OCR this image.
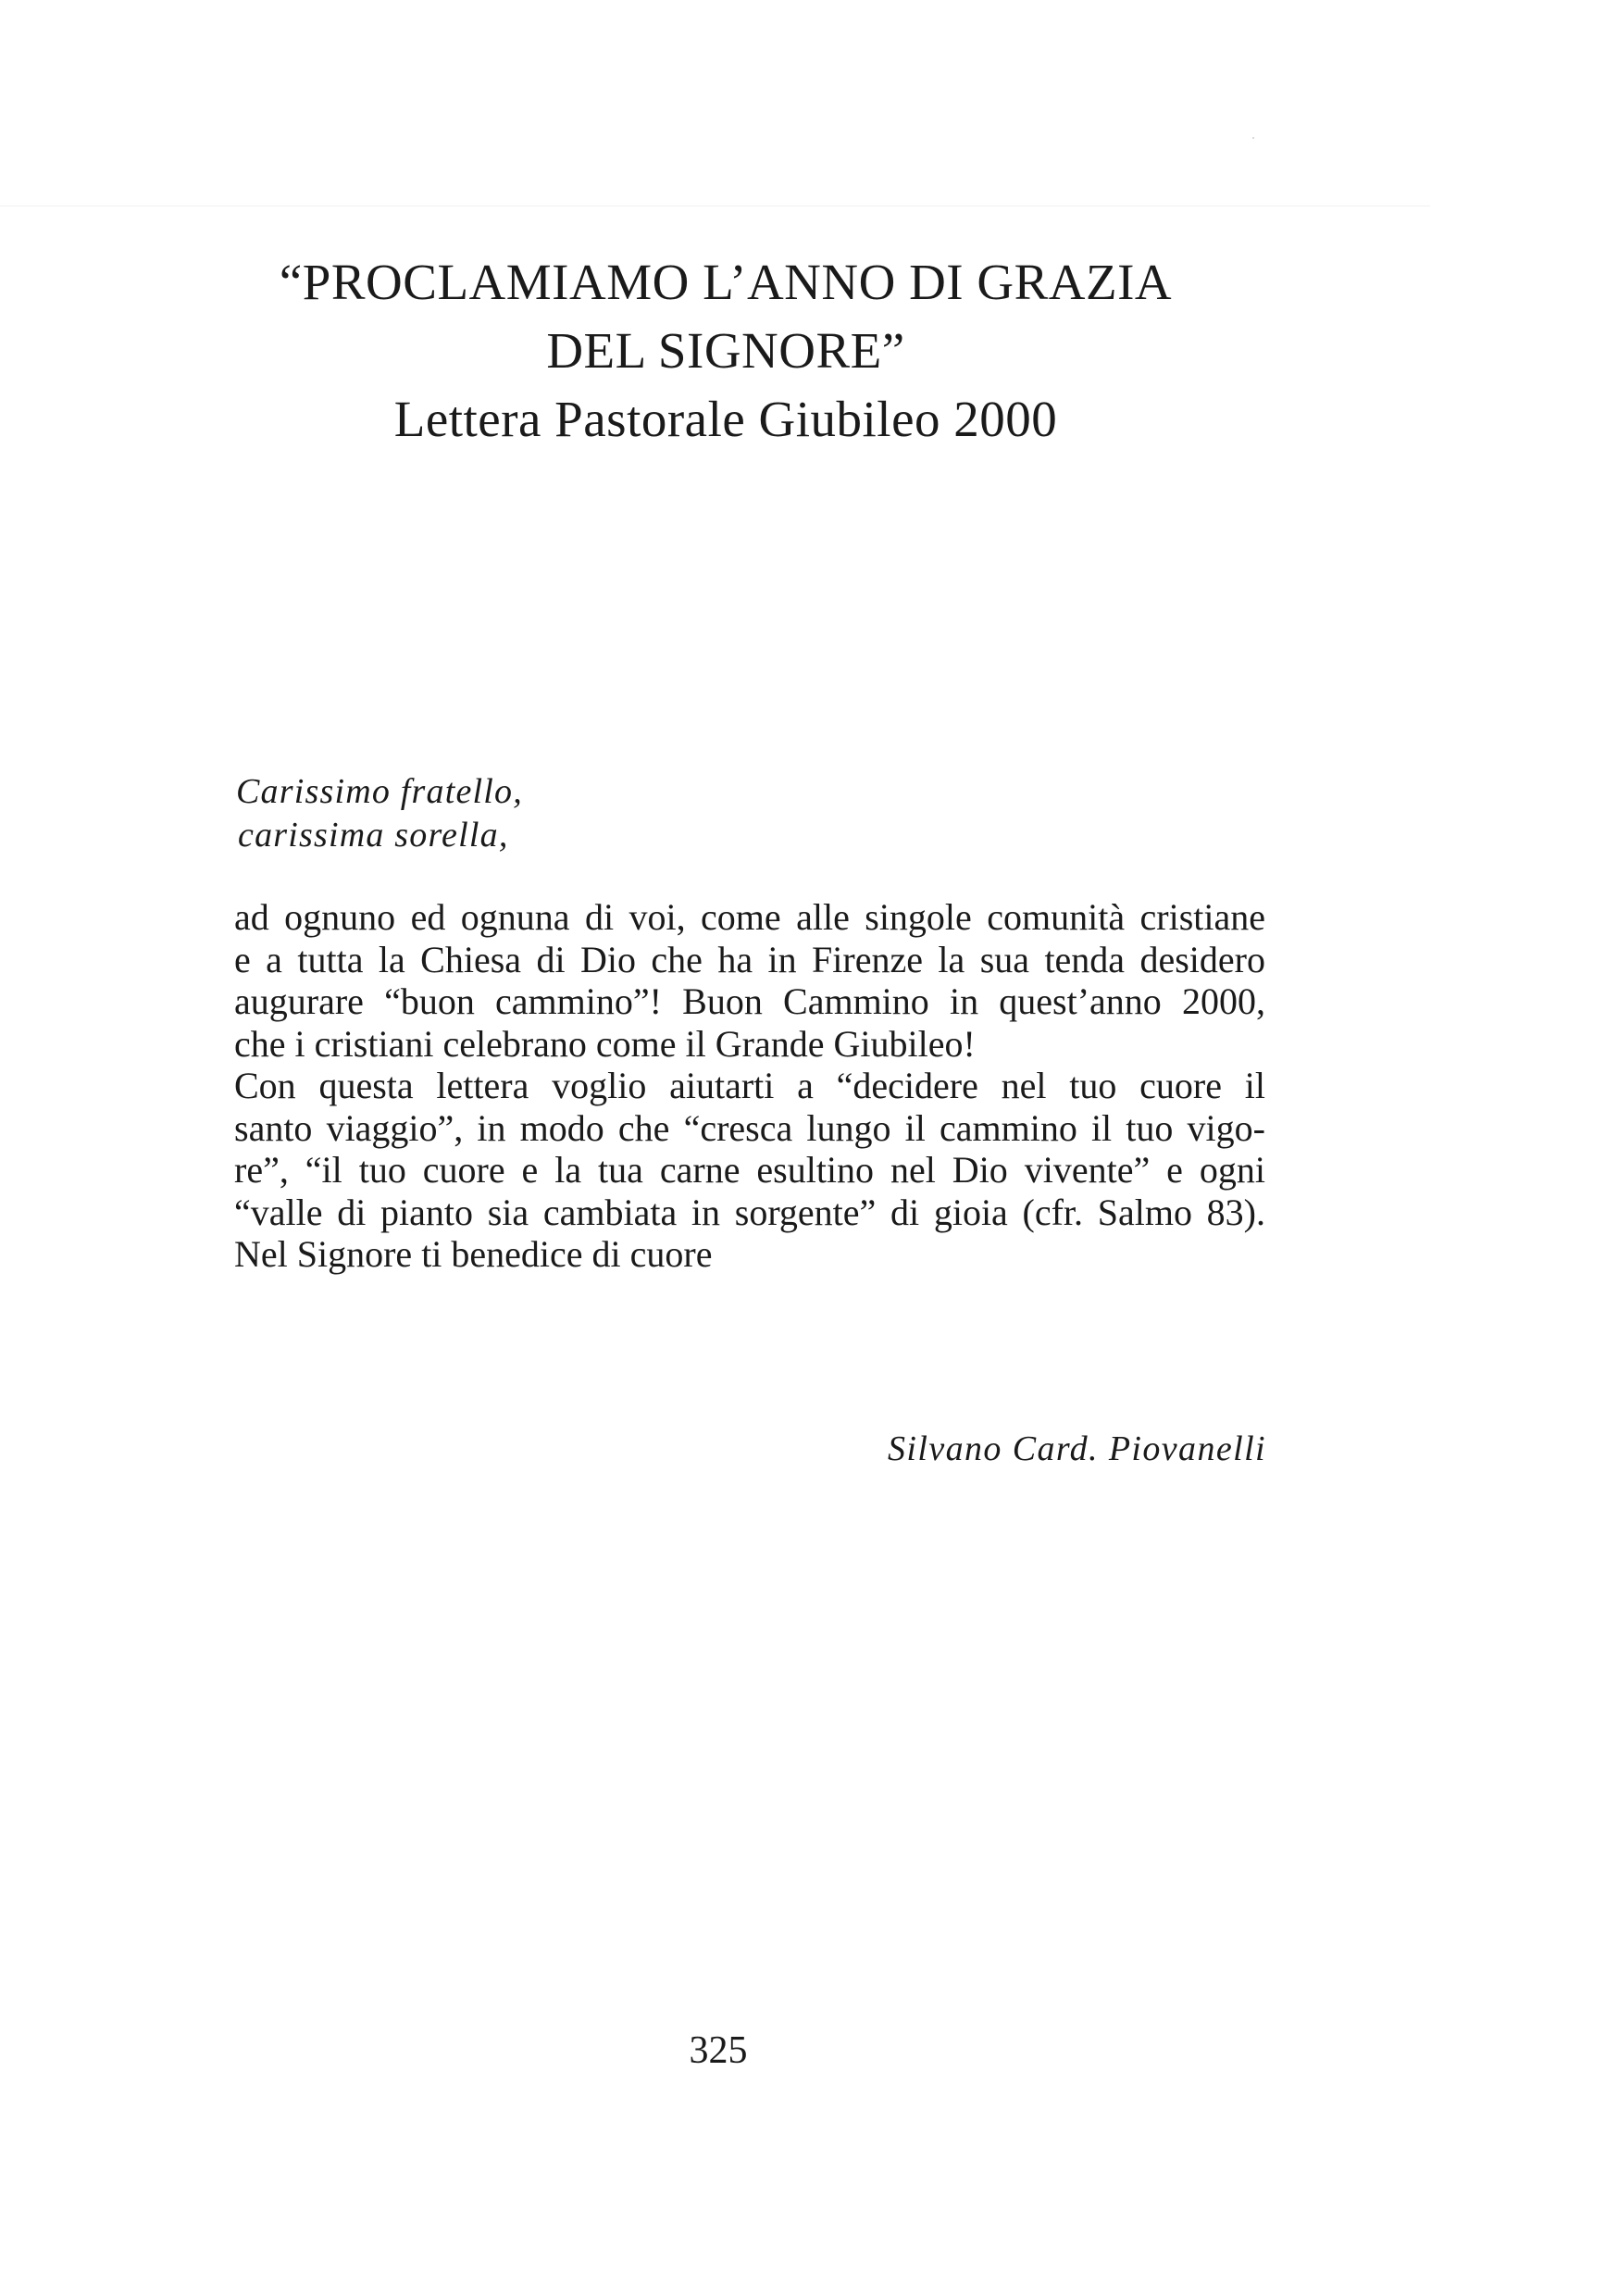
“PROCLAMIAMO L’ANNO DI GRAZIA
DEL SIGNORE”
Lettera Pastorale Giubileo 2000
Carissimo fratello,
carissima sorella,
ad ognuno ed ognuna di voi, come alle singole comunità cristiane
e a tutta la Chiesa di Dio che ha in Firenze la sua tenda desidero
augurare “buon cammino”! Buon Cammino in quest’anno 2000,
che i cristiani celebrano come il Grande Giubileo!
Con questa lettera voglio aiutarti a “decidere nel tuo cuore il
santo viaggio”, in modo che “cresca lungo il cammino il tuo vigo-
re”, “il tuo cuore e la tua carne esultino nel Dio vivente” e ogni
“valle di pianto sia cambiata in sorgente” di gioia (cfr. Salmo 83).
Nel Signore ti benedice di cuore
Silvano Card. Piovanelli
325
